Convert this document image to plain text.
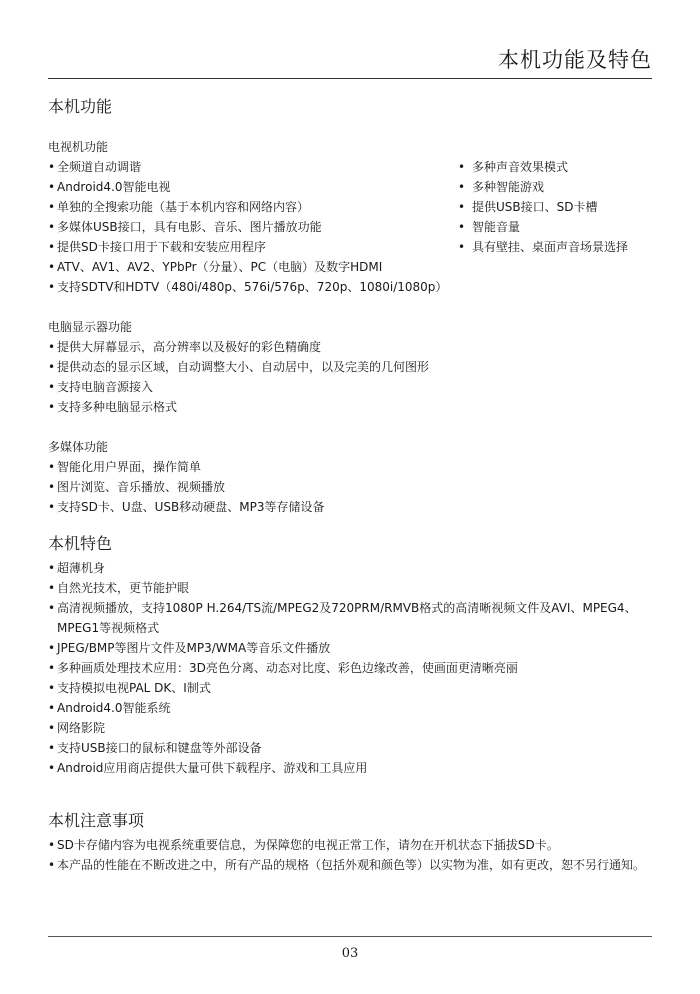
本机功能及特色
本机功能
电视机功能
• 全频道自动调谐
• Android4.0智能电视
• 单独的全搜索功能（基于本机内容和网络内容）
• 多媒体USB接口，具有电影、音乐、图片播放功能
• 提供SD卡接口用于下载和安装应用程序
• ATV、AV1、AV2、YPbPr（分量）、PC（电脑）及数字HDMI
• 支持SDTV和HDTV（480i/480p、576i/576p、720p、1080i/1080p）
• 多种声音效果模式
• 多种智能游戏
• 提供USB接口、SD卡槽
• 智能音量
• 具有壁挂、桌面声音场景选择
电脑显示器功能
• 提供大屏幕显示，高分辨率以及极好的彩色精确度
• 提供动态的显示区域，自动调整大小、自动居中，以及完美的几何图形
• 支持电脑音源接入
• 支持多种电脑显示格式
多媒体功能
• 智能化用户界面，操作简单
• 图片浏览、音乐播放、视频播放
• 支持SD卡、U盘、USB移动硬盘、MP3等存储设备
本机特色
• 超薄机身
• 自然光技术，更节能护眼
• 高清视频播放，支持1080P H.264/TS流/MPEG2及720PRM/RMVB格式的高清晰视频文件及AVI、MPEG4、MPEG1等视频格式
• JPEG/BMP等图片文件及MP3/WMA等音乐文件播放
• 多种画质处理技术应用：3D亮色分离、动态对比度、彩色边缘改善，使画面更清晰亮丽
• 支持模拟电视PAL DK、I制式
• Android4.0智能系统
• 网络影院
• 支持USB接口的鼠标和键盘等外部设备
• Android应用商店提供大量可供下载程序、游戏和工具应用
本机注意事项
• SD卡存储内容为电视系统重要信息，为保障您的电视正常工作，请勿在开机状态下插拔SD卡。
• 本产品的性能在不断改进之中，所有产品的规格（包括外观和颜色等）以实物为准，如有更改，恕不另行通知。
03
